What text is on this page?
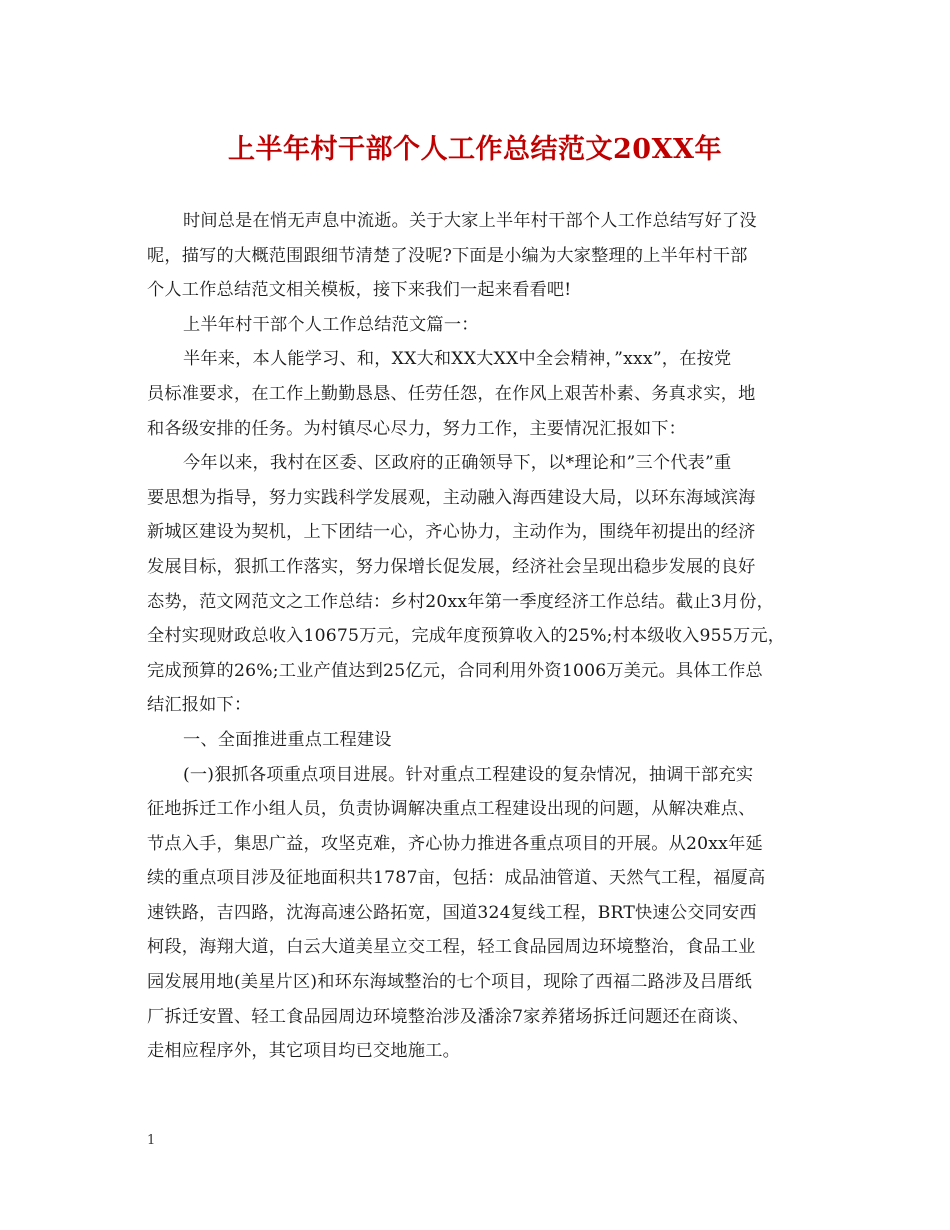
上半年村干部个人工作总结范文20XX年
时间总是在悄无声息中流逝。关于大家上半年村干部个人工作总结写好了没
呢，描写的大概范围跟细节清楚了没呢?下面是小编为大家整理的上半年村干部
个人工作总结范文相关模板，接下来我们一起来看看吧!
上半年村干部个人工作总结范文篇一：
半年来，本人能学习、和，XX大和XX大XX中全会精神，”xxx”，在按党
员标准要求，在工作上勤勤恳恳、任劳任怨，在作风上艰苦朴素、务真求实，地
和各级安排的任务。为村镇尽心尽力，努力工作，主要情况汇报如下：
今年以来，我村在区委、区政府的正确领导下，以*理论和”三个代表”重
要思想为指导，努力实践科学发展观，主动融入海西建设大局，以环东海域滨海
新城区建设为契机，上下团结一心，齐心协力，主动作为，围绕年初提出的经济
发展目标，狠抓工作落实，努力保增长促发展，经济社会呈现出稳步发展的良好
态势，范文网范文之工作总结：乡村20xx年第一季度经济工作总结。截止3月份，
全村实现财政总收入10675万元，完成年度预算收入的25%;村本级收入955万元，
完成预算的26%;工业产值达到25亿元，合同利用外资1006万美元。具体工作总
结汇报如下：
一、全面推进重点工程建设
(一)狠抓各项重点项目进展。针对重点工程建设的复杂情况，抽调干部充实
征地拆迁工作小组人员，负责协调解决重点工程建设出现的问题，从解决难点、
节点入手，集思广益，攻坚克难，齐心协力推进各重点项目的开展。从20xx年延
续的重点项目涉及征地面积共1787亩，包括：成品油管道、天然气工程，福厦高
速铁路，吉四路，沈海高速公路拓宽，国道324复线工程，BRT快速公交同安西
柯段，海翔大道，白云大道美星立交工程，轻工食品园周边环境整治，食品工业
园发展用地(美星片区)和环东海域整治的七个项目，现除了西福二路涉及吕厝纸
厂拆迁安置、轻工食品园周边环境整治涉及潘涂7家养猪场拆迁问题还在商谈、
走相应程序外，其它项目均已交地施工。
1
